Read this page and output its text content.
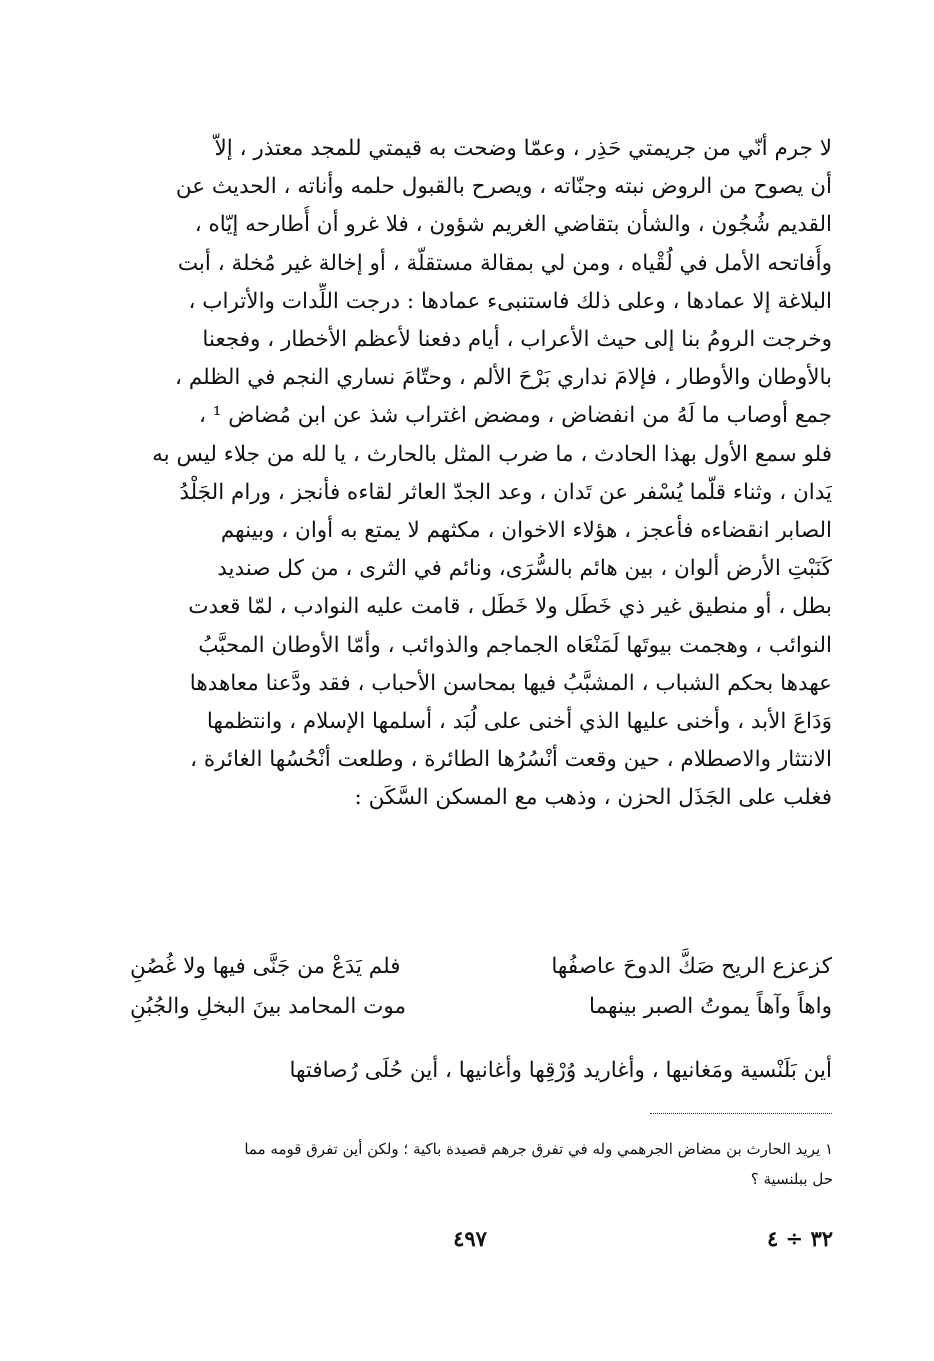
لا جرم أنّي من جريمتي حَذِر ، وعمّا وضحت به قيمتي للمجد معتذر ، إلاّ
أن يصوح من الروض نبته وجنّاته ، ويصرح بالقبول حلمه وأناته ، الحديث عن
القديم شُجُون ، والشأن بتقاضي الغريم شؤون ، فلا غرو أن أُطارحه إيّاه ،
وأُفاتحه الأمل في لُقْياه ، ومن لي بمقالة مستقلّة ، أو إخالة غير مُخلة ، أبت
البلاغة إلا عمادها ، وعلى ذلك فاستنبىء عمادها : درجت اللِّدات والأتراب ،
وخرجت الرومُ بنا إلى حيث الأعراب ، أيام دفعنا لأعظم الأخطار ، وفجعنا
بالأوطان والأوطار ، فإلامَ نداري بَرْحَ الألم ، وحتّامَ نساري النجم في الظلم ،
جمع أوصاب ما لَهُ من انفضاض ، ومضض اغتراب شذ عن ابن مُضاض ¹ ،
فلو سمع الأول بهذا الحادث ، ما ضرب المثل بالحارث ، يا لله من جلاء ليس به
يَدان ، وثناء قلّما يُسْفر عن تَدان ، وعد الجدّ العاثر لقاءه فأنجز ، ورام الجَلْدُ
الصابر انقضاءه فأعجز ، هؤلاء الاخوان ، مكثهم لا يمتع به أوان ، وبينهم
كَنَبْتِ الأرض ألوان ، بين هائم بالسُّرَى، ونائم في الثرى ، من كل صنديد
بطل ، أو منطيق غير ذي خَطَل ولا خَطَل ، قامت عليه النوادب ، لمّا قعدت
النوائب ، وهجمت بيوتَها لَمَنْعَاه الجماجم والذوائب ، وأمّا الأوطان المحبَّبُ
عهدها بحكم الشباب ، المشبَّبُ فيها بمحاسن الأحباب ، فقد ودَّعنا معاهدها
وَدَاعَ الأبد ، وأخنى عليها الذي أخنى على لُبَد ، أسلمها الإسلام ، وانتظمها
الانتثار والاصطلام ، حين وقعت أنْسُرُها الطائرة ، وطلعت أنْحُسُها الغائرة ،
فغلب على الجَذَل الحزن ، وذهب مع المسكن السَّكَن :
كزعزع الريح صَكَّ الدوحَ عاصفُها
فلم يَدَعْ من جَنَّى فيها ولا غُصُنِ
واهاً وآهاً يموتُ الصبر بينهما
موت المحامد بينَ البخلِ والجُبُنِ
أين بَلَنْسية ومَغانيها ، وأغاريد وُرْقِها وأغانيها ، أين حُلَى رُصافتها
١ يريد الحارث بن مضاض الجرهمي وله في تفرق جرهم قصيدة باكية ؛ ولكن أين تفرق قومه مما
حل ببلنسية ؟
٤٩٧	٣٢ ÷ ٤
